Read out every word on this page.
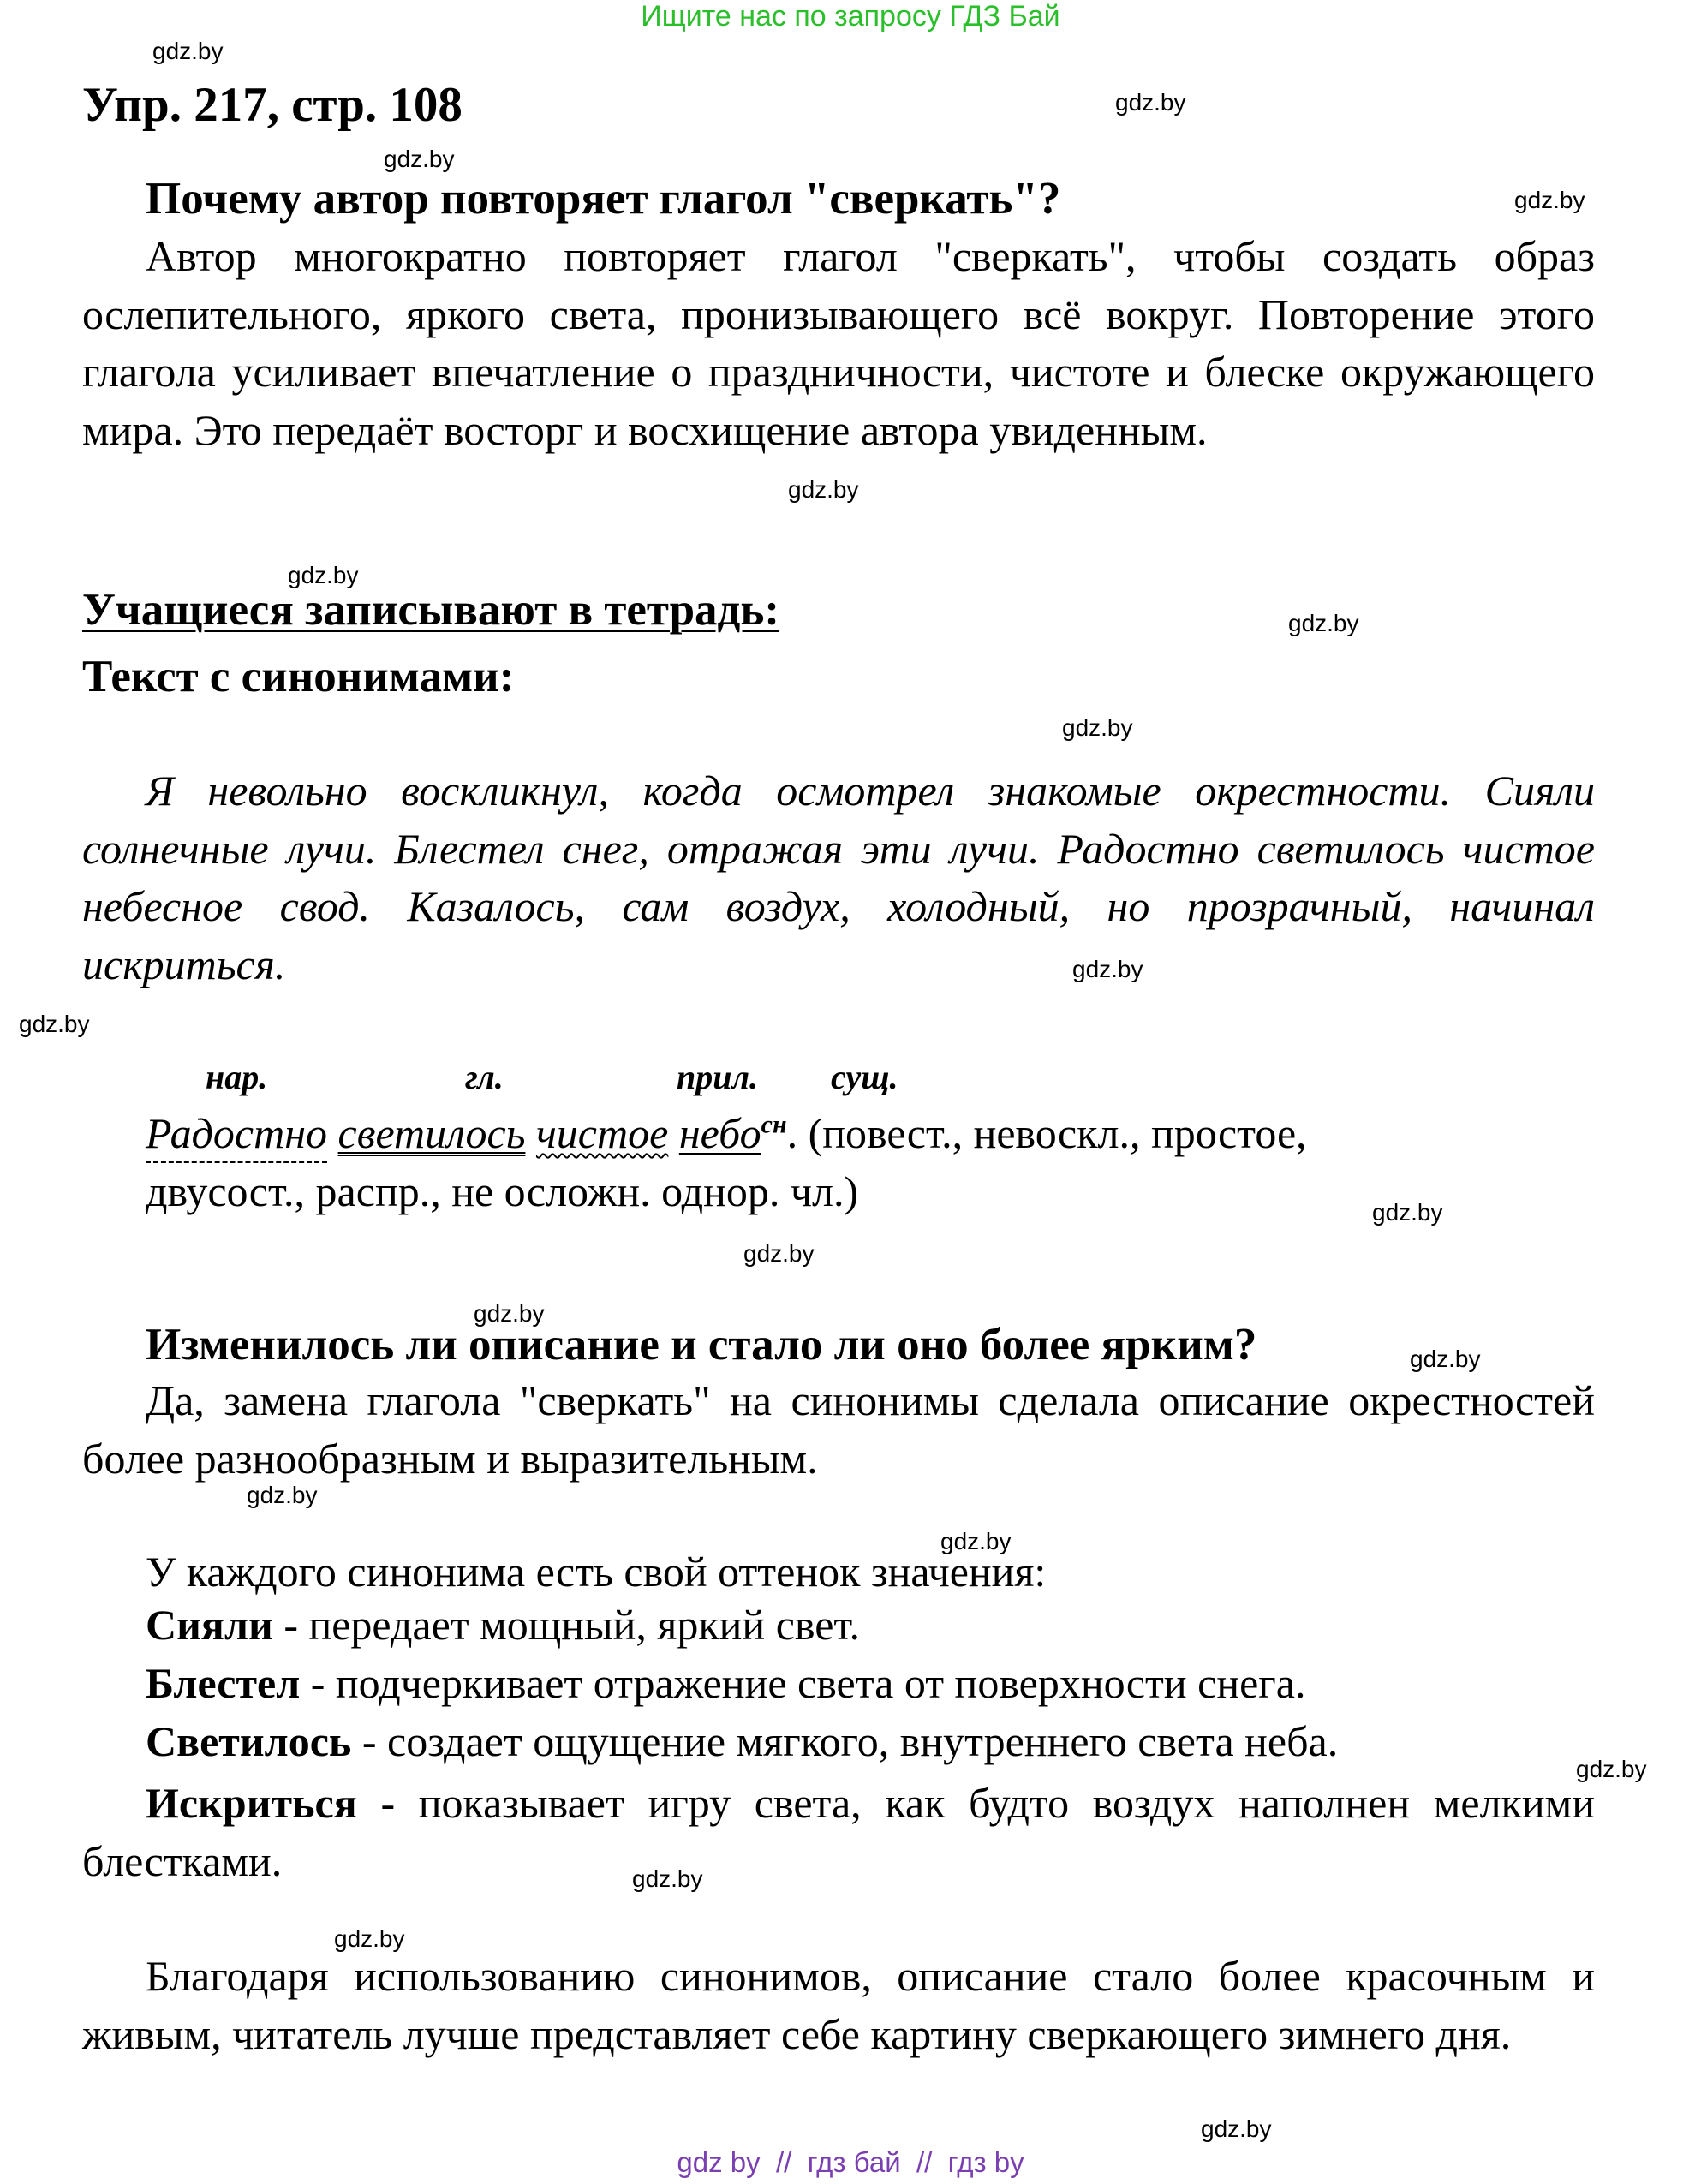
Ищите нас по запросу ГДЗ Бай
gdz.by
gdz.by
gdz.by
gdz.by
gdz.by
gdz.by
gdz.by
gdz.by
gdz.by
gdz.by
gdz.by
gdz.by
gdz.by
gdz.by
gdz.by
gdz.by
gdz.by
gdz.by
gdz.by
gdz.by
Упр. 217, стр. 108
Почему автор повторяет глагол "сверкать"?
Автор многократно повторяет глагол "сверкать", чтобы создать образ ослепительного, яркого света, пронизывающего всё вокруг. Повторение этого глагола усиливает впечатление о праздничности, чистоте и блеске окружающего мира. Это передаёт восторг и восхищение автора увиденным.
Учащиеся записывают в тетрадь:
Текст с синонимами:
Я невольно воскликнул, когда осмотрел знакомые окрестности. Сияли солнечные лучи. Блестел снег, отражая эти лучи. Радостно светилось чистое небесное свод. Казалось, сам воздух, холодный, но прозрачный, начинал искриться.
нар.	гл.	прил. сущ.
Радостно светилось чистое небо$^{сн}$. (повест., невоскл., простое,
двусост., распр., не осложн. однор. чл.)
Изменилось ли описание и стало ли оно более ярким?
Да, замена глагола "сверкать" на синонимы сделала описание окрестностей более разнообразным и выразительным.
У каждого синонима есть свой оттенок значения:
Сияли - передает мощный, яркий свет.
Блестел - подчеркивает отражение света от поверхности снега.
Светилось - создает ощущение мягкого, внутреннего света неба.
Искриться - показывает игру света, как будто воздух наполнен мелкими блестками.
Благодаря использованию синонимов, описание стало более красочным и живым, читатель лучше представляет себе картину сверкающего зимнего дня.
gdz by  //  гдз бай  //  гдз by
